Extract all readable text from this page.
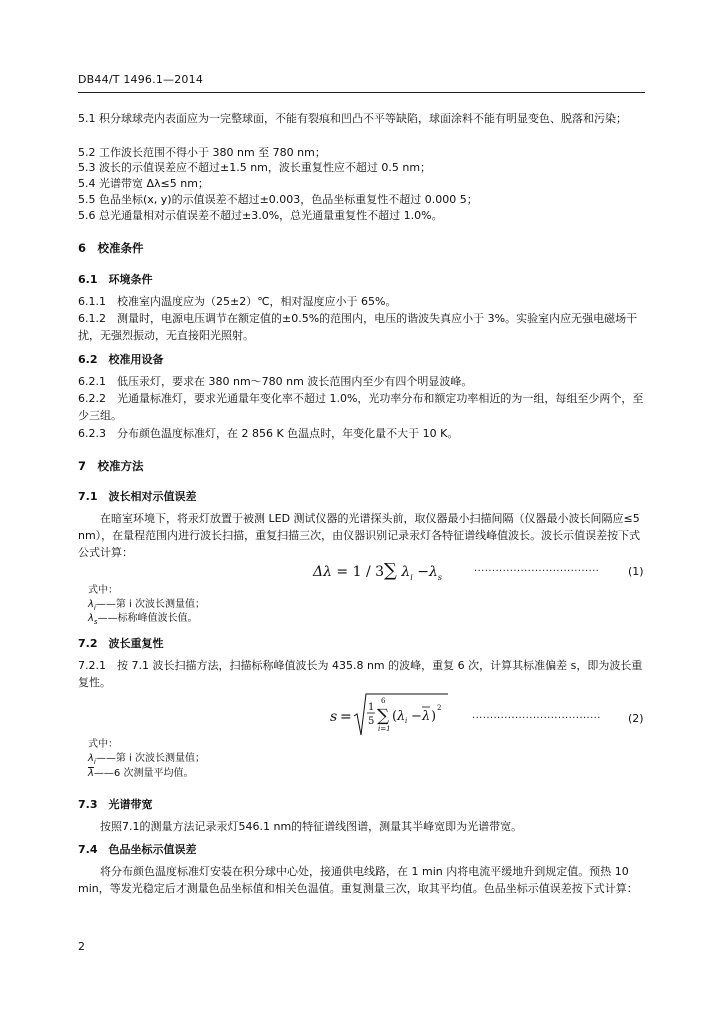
DB44/T 1496.1—2014
5.1 积分球球壳内表面应为一完整球面，不能有裂痕和凹凸不平等缺陷，球面涂料不能有明显变色、脱落和污染；
5.2 工作波长范围不得小于 380 nm 至 780 nm；
5.3 波长的示值误差应不超过±1.5 nm，波长重复性应不超过 0.5 nm；
5.4 光谱带宽 Δλ≤5 nm；
5.5 色品坐标(x, y)的示值误差不超过±0.003，色品坐标重复性不超过 0.000 5；
5.6 总光通量相对示值误差不超过±3.0%，总光通量重复性不超过 1.0%。
6　校准条件
6.1　环境条件
6.1.1　校准室内温度应为（25±2）℃，相对湿度应小于 65%。
6.1.2　测量时，电源电压调节在额定值的±0.5%的范围内，电压的谐波失真应小于 3%。实验室内应无强电磁场干扰，无强烈振动，无直接阳光照射。
6.2　校准用设备
6.2.1　低压汞灯，要求在 380 nm～780 nm 波长范围内至少有四个明显波峰。
6.2.2　光通量标准灯，要求光通量年变化率不超过 1.0%，光功率分布和额定功率相近的为一组，每组至少两个，至少三组。
6.2.3　分布颜色温度标准灯，在 2 856 K 色温点时，年变化量不大于 10 K。
7　校准方法
7.1　波长相对示值误差
在暗室环境下，将汞灯放置于被测 LED 测试仪器的光谱探头前，取仪器最小扫描间隔（仪器最小波长间隔应≤5 nm），在量程范围内进行波长扫描，重复扫描三次，由仪器识别记录汞灯各特征谱线峰值波长。波长示值误差按下式公式计算：
Δλ = 1 / 3∑ $\lambda_i -\lambda_s$
···································	(1)
式中：
$\lambda_i——$第 i 次波长测量值；
$\lambda_s——$标称峰值波长值。
7.2　波长重复性
7.2.1　按 7.1 波长扫描方法，扫描标称峰值波长为 435.8 nm 的波峰，重复 6 次，计算其标准偏差 s，即为波长重复性。
s =
1
5
6
∑
i=1
( λ i − λ )
2
···································· (2)
式中：
$\lambda_i——$第 i 次波长测量值；
$\overline{\lambda}——6$ 次测量平均值。
7.3　光谱带宽
按照7.1的测量方法记录汞灯546.1 nm的特征谱线图谱，测量其半峰宽即为光谱带宽。
7.4　色品坐标示值误差
将分布颜色温度标准灯安装在积分球中心处，接通供电线路，在 1 min 内将电流平缓地升到规定值。预热 10 min，等发光稳定后才测量色品坐标值和相关色温值。重复测量三次，取其平均值。色品坐标示值误差按下式计算：
2
